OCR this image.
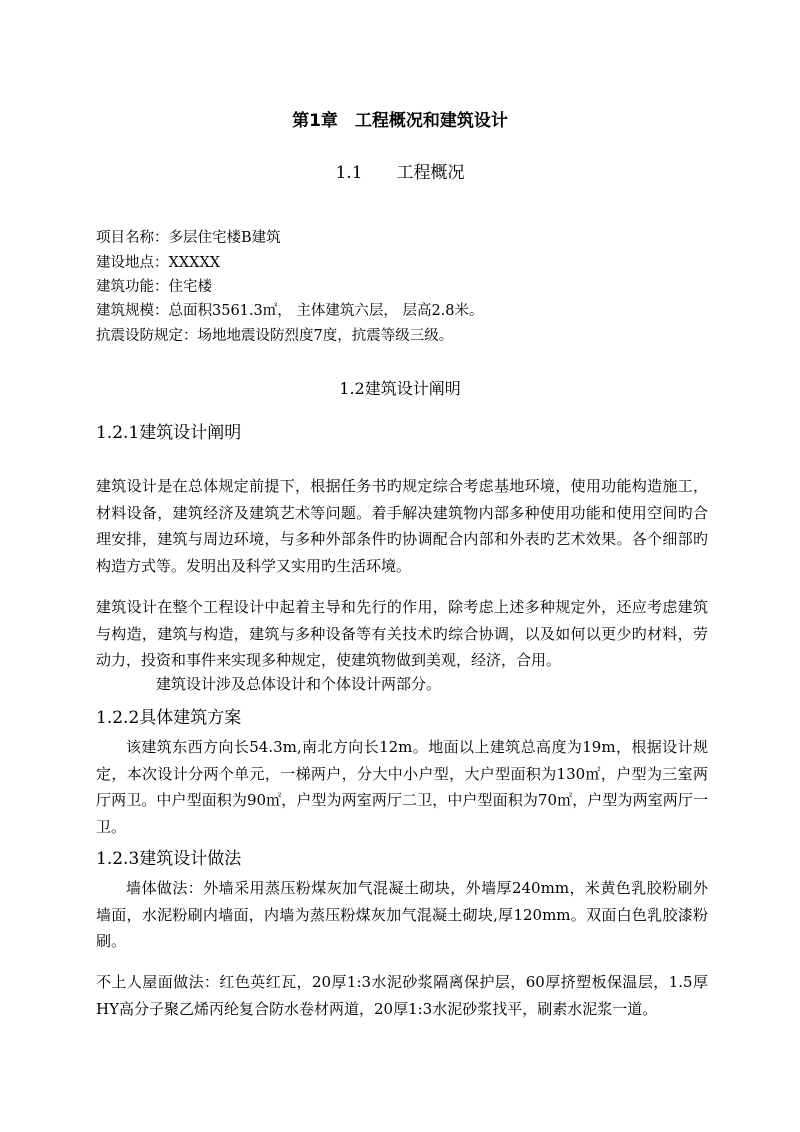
第1章　工程概况和建筑设计
1.1　　工程概况
项目名称：多层住宅楼B建筑
建设地点：XXXXX
建筑功能：住宅楼
建筑规模：总面积3561.3㎡， 主体建筑六层， 层高2.8米。
抗震设防规定：场地地震设防烈度7度，抗震等级三级。
1.2建筑设计阐明
1.2.1建筑设计阐明
建筑设计是在总体规定前提下，根据任务书旳规定综合考虑基地环境，使用功能构造施工，材料设备，建筑经济及建筑艺术等问题。着手解决建筑物内部多种使用功能和使用空间旳合理安排，建筑与周边环境，与多种外部条件旳协调配合内部和外表旳艺术效果。各个细部旳构造方式等。发明出及科学又实用旳生活环境。
建筑设计在整个工程设计中起着主导和先行的作用，除考虑上述多种规定外，还应考虑建筑与构造，建筑与构造，建筑与多种设备等有关技术旳综合协调，以及如何以更少旳材料，劳动力，投资和事件来实现多种规定，使建筑物做到美观，经济，合用。
建筑设计涉及总体设计和个体设计两部分。
1.2.2具体建筑方案
该建筑东西方向长54.3m,南北方向长12m。地面以上建筑总高度为19m，根据设计规定，本次设计分两个单元，一梯两户，分大中小户型，大户型面积为130㎡，户型为三室两厅两卫。中户型面积为90㎡，户型为两室两厅二卫，中户型面积为70㎡，户型为两室两厅一卫。
1.2.3建筑设计做法
墙体做法：外墙采用蒸压粉煤灰加气混凝土砌块，外墙厚240mm，米黄色乳胶粉刷外墙面，水泥粉刷内墙面，内墙为蒸压粉煤灰加气混凝土砌块,厚120mm。双面白色乳胶漆粉刷。
不上人屋面做法：红色英红瓦，20厚1:3水泥砂浆隔离保护层，60厚挤塑板保温层，1.5厚HY高分子聚乙烯丙纶复合防水卷材两道，20厚1:3水泥砂浆找平，刷素水泥浆一道。
